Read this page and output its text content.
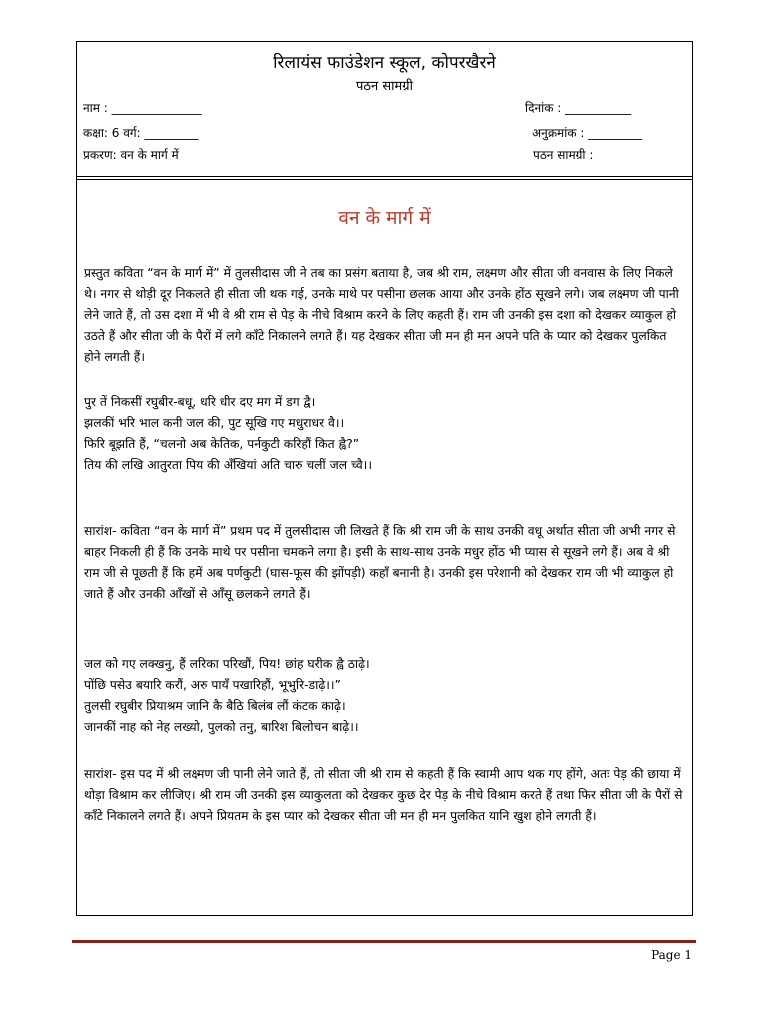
रिलायंस फाउंडेशन स्कूल, कोपरखैरने
पठन सामग्री
नाम : _______________	दिनांक : ___________
कक्षा: 6 वर्ग: _________	अनुक्रमांक : _________
प्रकरण: वन के मार्ग में	पठन सामग्री :
वन के मार्ग में

प्रस्तुत कविता “वन के मार्ग में” में तुलसीदास जी ने तब का प्रसंग बताया है, जब श्री राम, लक्ष्मण और सीता जी वनवास के लिए निकले थे। नगर से थोड़ी दूर निकलते ही सीता जी थक गई, उनके माथे पर पसीना छलक आया और उनके होंठ सूखने लगे। जब लक्ष्मण जी पानी लेने जाते हैं, तो उस दशा में भी वे श्री राम से पेड़ के नीचे विश्राम करने के लिए कहती हैं। राम जी उनकी इस दशा को देखकर व्याकुल हो उठते हैं और सीता जी के पैरों में लगे काँटे निकालने लगते हैं। यह देखकर सीता जी मन ही मन अपने पति के प्यार को देखकर पुलकित होने लगती हैं।

पुर तें निकसीं रघुबीर-बधू, धरि धीर दए मग में डग द्वै।
झलकीं भरि भाल कनी जल की, पुट सूखि गए मधुराधर वै।।
फिरि बूझति हैं, “चलनो अब केतिक, पर्नकुटी करिहौं कित ह्वै?”
तिय की लखि आतुरता पिय की अँखियां अति चारु चलीं जल च्वै।।

सारांश- कविता “वन के मार्ग में” प्रथम पद में तुलसीदास जी लिखते हैं कि श्री राम जी के साथ उनकी वधू अर्थात सीता जी अभी नगर से बाहर निकली ही हैं कि उनके माथे पर पसीना चमकने लगा है। इसी के साथ-साथ उनके मधुर होंठ भी प्यास से सूखने लगे हैं। अब वे श्री राम जी से पूछती हैं कि हमें अब पर्णकुटी (घास-फूस की झोंपड़ी) कहाँ बनानी है। उनकी इस परेशानी को देखकर राम जी भी व्याकुल हो जाते हैं और उनकी आँखों से आँसू छलकने लगते हैं।

जल को गए लक्खनु, हैं लरिका परिखौं, पिय! छांह घरीक ह्वै ठाढ़े।
पोंछि पसेउ बयारि करौं, अरु पायँ पखारिहौं, भूभुरि-डाढ़े।।”
तुलसी रघुबीर प्रियाश्रम जानि कै बैठि बिलंब लौं कंटक काढ़े।
जानकीं नाह को नेह लख्यो, पुलको तनु, बारिश बिलोचन बाढ़े।।

सारांश- इस पद में श्री लक्ष्मण जी पानी लेने जाते हैं, तो सीता जी श्री राम से कहती हैं कि स्वामी आप थक गए होंगे, अतः पेड़ की छाया में थोड़ा विश्राम कर लीजिए। श्री राम जी उनकी इस व्याकुलता को देखकर कुछ देर पेड़ के नीचे विश्राम करते हैं तथा फिर सीता जी के पैरों से काँटे निकालने लगते हैं। अपने प्रियतम के इस प्यार को देखकर सीता जी मन ही मन पुलकित यानि खुश होने लगती हैं।

Page 1
